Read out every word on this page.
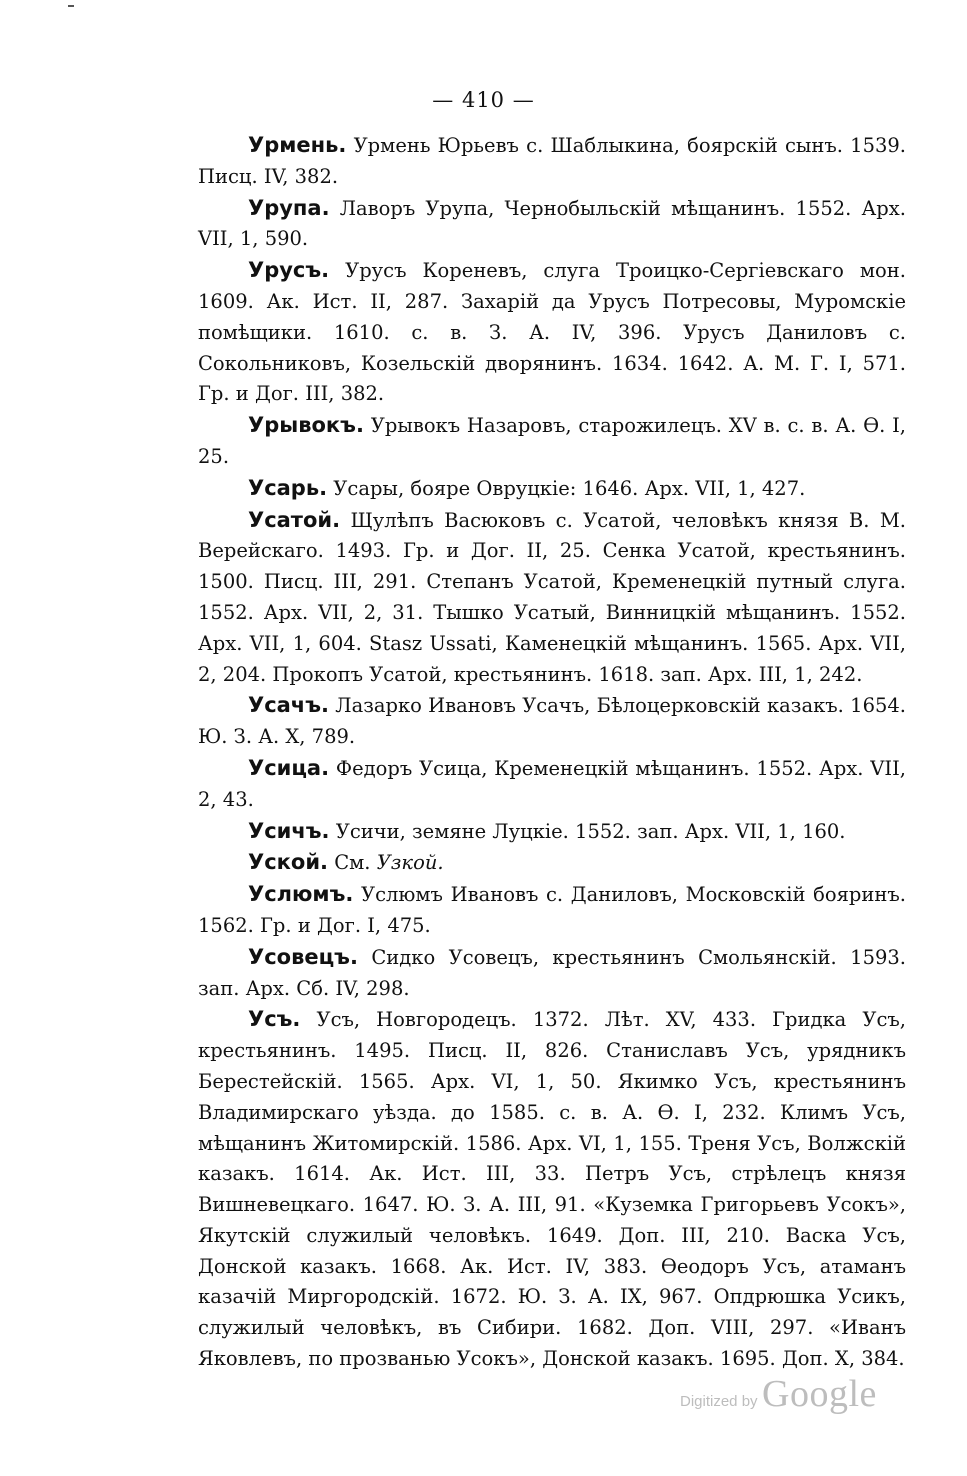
— 410 —

Урмень. Урмень Юрьевъ с. Шаблыкина, боярскій сынъ. 1539. Писц. IV, 382.

Урупа. Лаворъ Урупа, Чернобыльскій мѣщанинъ. 1552. Арх. VII, 1, 590.

Урусъ. Урусъ Кореневъ, слуга Троицко-Сергіевскаго мон. 1609. Ак. Ист. II, 287. Захарій да Урусъ Потресовы, Муромскіе помѣщики. 1610. с. в. З. А. IV, 396. Урусъ Даниловъ с. Сокольниковъ, Козельскій дворянинъ. 1634. 1642. А. М. Г. I, 571. Гр. и Дог. III, 382.

Урывокъ. Урывокъ Назаровъ, старожилецъ. XV в. с. в. А. Ѳ. I, 25.

Усарь. Усары, бояре Овруцкіе: 1646. Арх. VII, 1, 427.

Усатой. Щулѣпъ Васюковъ с. Усатой, человѣкъ князя В. М. Верейскаго. 1493. Гр. и Дог. II, 25. Сенка Усатой, крестьянинъ. 1500. Писц. III, 291. Степанъ Усатой, Кременецкій путный слуга. 1552. Арх. VII, 2, 31. Тышко Усатый, Винницкій мѣщанинъ. 1552. Арх. VII, 1, 604. Stasz Ussati, Каменецкій мѣщанинъ. 1565. Арх. VII, 2, 204. Прокопъ Усатой, крестьянинъ. 1618. зап. Арх. III, 1, 242.

Усачъ. Лазарко Ивановъ Усачъ, Бѣлоцерковскій казакъ. 1654. Ю. З. А. X, 789.

Усица. Федоръ Усица, Кременецкій мѣщанинъ. 1552. Арх. VII, 2, 43.

Усичъ. Усичи, земяне Луцкіе. 1552. зап. Арх. VII, 1, 160.

Уской. См. Узкой.

Услюмъ. Услюмъ Ивановъ с. Даниловъ, Московскій бояринъ. 1562. Гр. и Дог. I, 475.

Усовецъ. Сидко Усовецъ, крестьянинъ Смольянскій. 1593. зап. Арх. Сб. IV, 298.

Усъ. Усъ, Новгородецъ. 1372. Лѣт. XV, 433. Гридка Усъ, крестьянинъ. 1495. Писц. II, 826. Станиславъ Усъ, урядникъ Берестейскій. 1565. Арх. VI, 1, 50. Якимко Усъ, крестьянинъ Владимирскаго уѣзда. до 1585. с. в. А. Ѳ. I, 232. Климъ Усъ, мѣщанинъ Житомирскій. 1586. Арх. VI, 1, 155. Треня Усъ, Волжскій казакъ. 1614. Ак. Ист. III, 33. Петръ Усъ, стрѣлецъ князя Вишневецкаго. 1647. Ю. З. А. III, 91. «Куземка Григорьевъ Усокъ», Якутскій служилый человѣкъ. 1649. Доп. III, 210. Васка Усъ, Донской казакъ. 1668. Ак. Ист. IV, 383. Ѳеодоръ Усъ, атаманъ казачій Миргородскій. 1672. Ю. З. А. IX, 967. Опдрюшка Усикъ, служилый человѣкъ, въ Сибири. 1682. Доп. VIII, 297. «Иванъ Яковлевъ, по прозванью Усокъ», Донской казакъ. 1695. Доп. X, 384.

Digitized by Google
